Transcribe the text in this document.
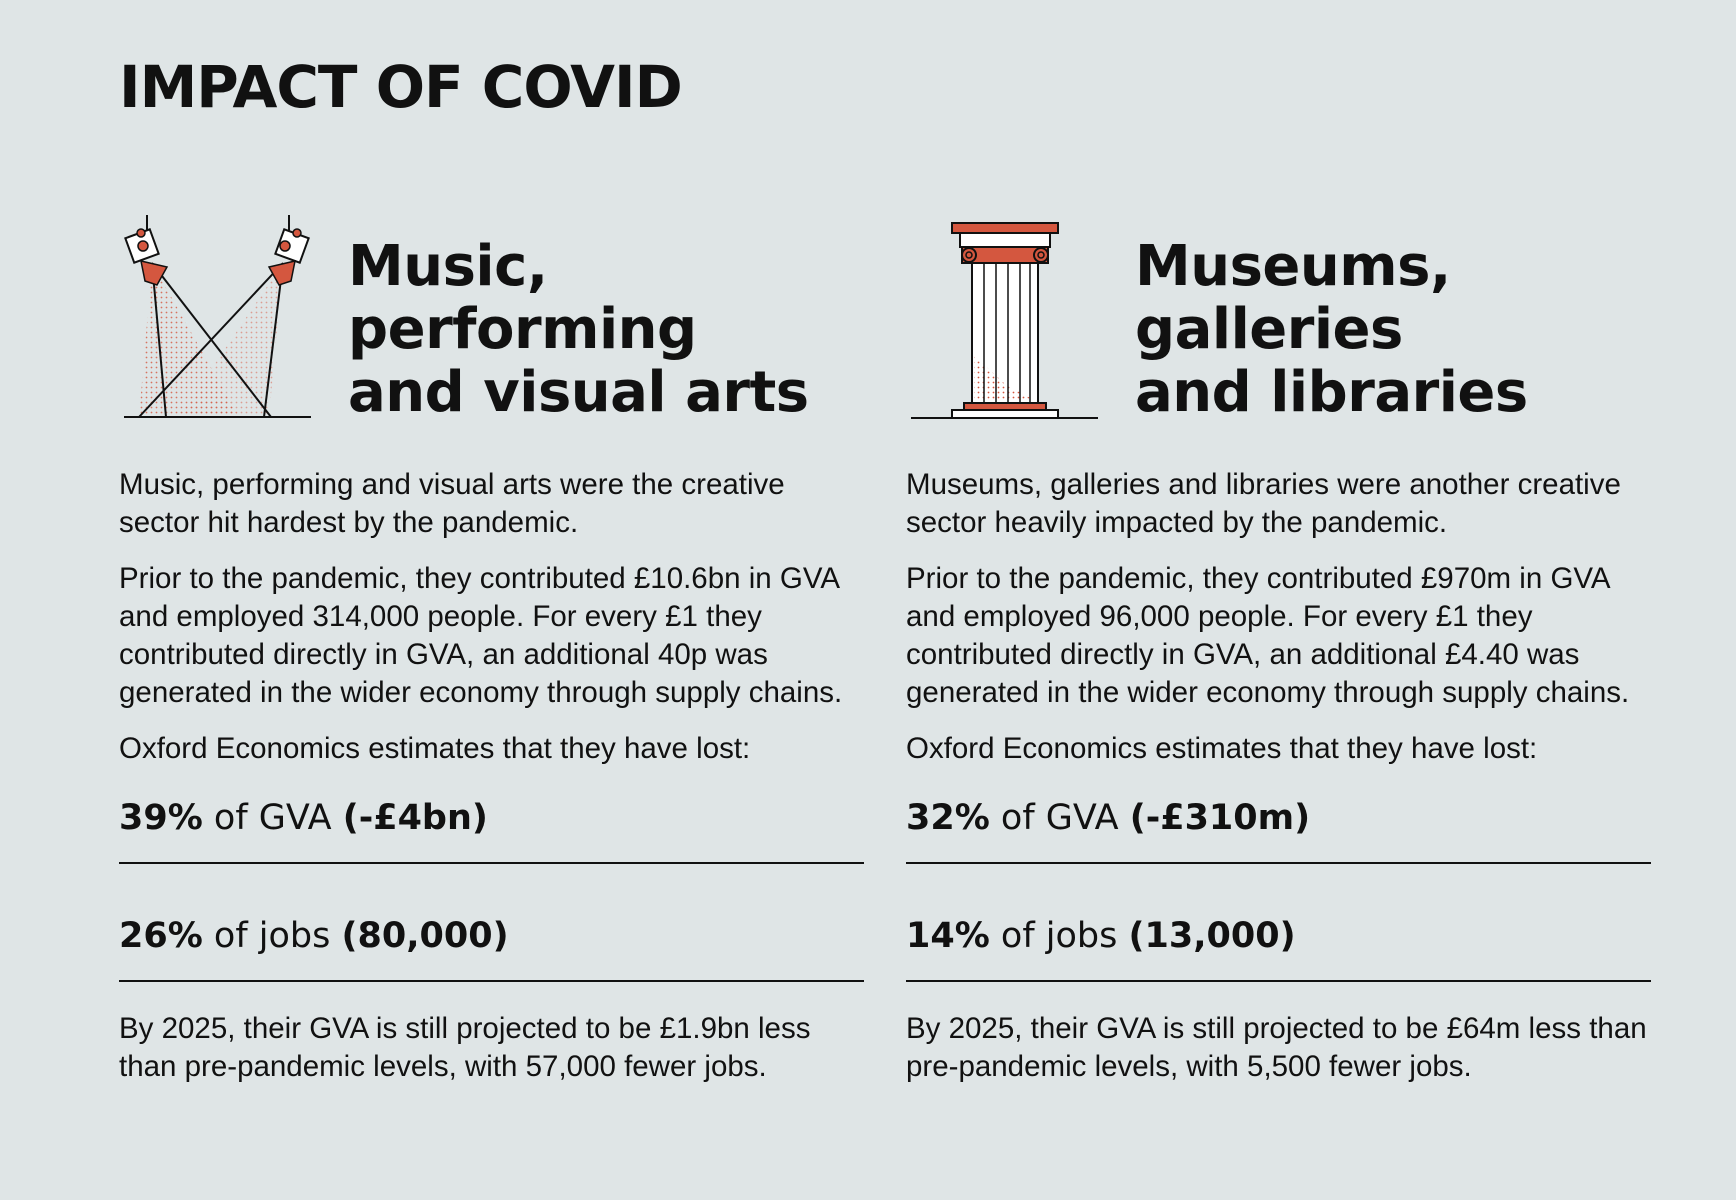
IMPACT OF COVID
Music,
performing
and visual arts

Music, performing and visual arts were the creative sector hit hardest by the pandemic.

Prior to the pandemic, they contributed £10.6bn in GVA and employed 314,000 people. For every £1 they contributed directly in GVA, an additional 40p was generated in the wider economy through supply chains.

Oxford Economics estimates that they have lost:

39% of GVA (-£4bn)
26% of jobs (80,000)

By 2025, their GVA is still projected to be £1.9bn less than pre-pandemic levels, with 57,000 fewer jobs.

Museums,
galleries
and libraries

Museums, galleries and libraries were another creative sector heavily impacted by the pandemic.

Prior to the pandemic, they contributed £970m in GVA and employed 96,000 people. For every £1 they contributed directly in GVA, an additional £4.40 was generated in the wider economy through supply chains.

Oxford Economics estimates that they have lost:

32% of GVA (-£310m)
14% of jobs (13,000)

By 2025, their GVA is still projected to be £64m less than pre-pandemic levels, with 5,500 fewer jobs.
